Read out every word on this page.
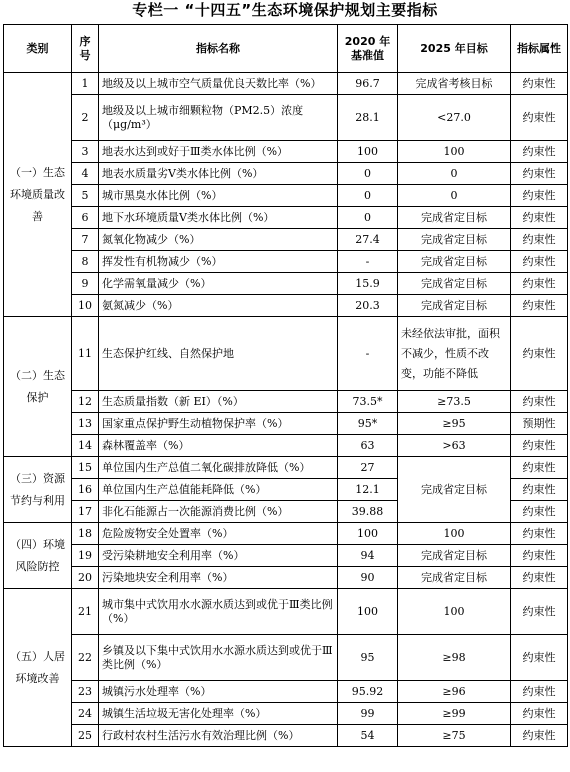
专栏一 “十四五”生态环境保护规划主要指标
类别	序号	指标名称	2020 年基准值	2025 年目标	指标属性
（一）生态环境质量改善	1	地级及以上城市空气质量优良天数比率（%）	96.7	完成省考核目标	约束性
	2	地级及以上城市细颗粒物（PM2.5）浓度（μg/m³）	28.1	<27.0	约束性
	3	地表水达到或好于Ⅲ类水体比例（%）	100	100	约束性
	4	地表水质量劣Ⅴ类水体比例（%）	0	0	约束性
	5	城市黑臭水体比例（%）	0	0	约束性
	6	地下水环境质量Ⅴ类水体比例（%）	0	完成省定目标	约束性
	7	氮氧化物减少（%）	27.4	完成省定目标	约束性
	8	挥发性有机物减少（%）	-	完成省定目标	约束性
	9	化学需氧量减少（%）	15.9	完成省定目标	约束性
	10	氨氮减少（%）	20.3	完成省定目标	约束性
（二）生态保护	11	生态保护红线、自然保护地	-	未经依法审批，面积不减少，性质不改变，功能不降低	约束性
	12	生态质量指数（新 EI）（%）	73.5*	≥73.5	约束性
	13	国家重点保护野生动植物保护率（%）	95*	≥95	预期性
	14	森林覆盖率（%）	63	>63	约束性
（三）资源节约与利用	15	单位国内生产总值二氧化碳排放降低（%）	27	完成省定目标	约束性
	16	单位国内生产总值能耗降低（%）	12.1		约束性
	17	非化石能源占一次能源消费比例（%）	39.88		约束性
（四）环境风险防控	18	危险废物安全处置率（%）	100	100	约束性
	19	受污染耕地安全利用率（%）	94	完成省定目标	约束性
	20	污染地块安全利用率（%）	90	完成省定目标	约束性
（五）人居环境改善	21	城市集中式饮用水水源水质达到或优于Ⅲ类比例（%）	100	100	约束性
	22	乡镇及以下集中式饮用水水源水质达到或优于Ⅲ类比例（%）	95	≥98	约束性
	23	城镇污水处理率（%）	95.92	≥96	约束性
	24	城镇生活垃圾无害化处理率（%）	99	≥99	约束性
	25	行政村农村生活污水有效治理比例（%）	54	≥75	约束性
